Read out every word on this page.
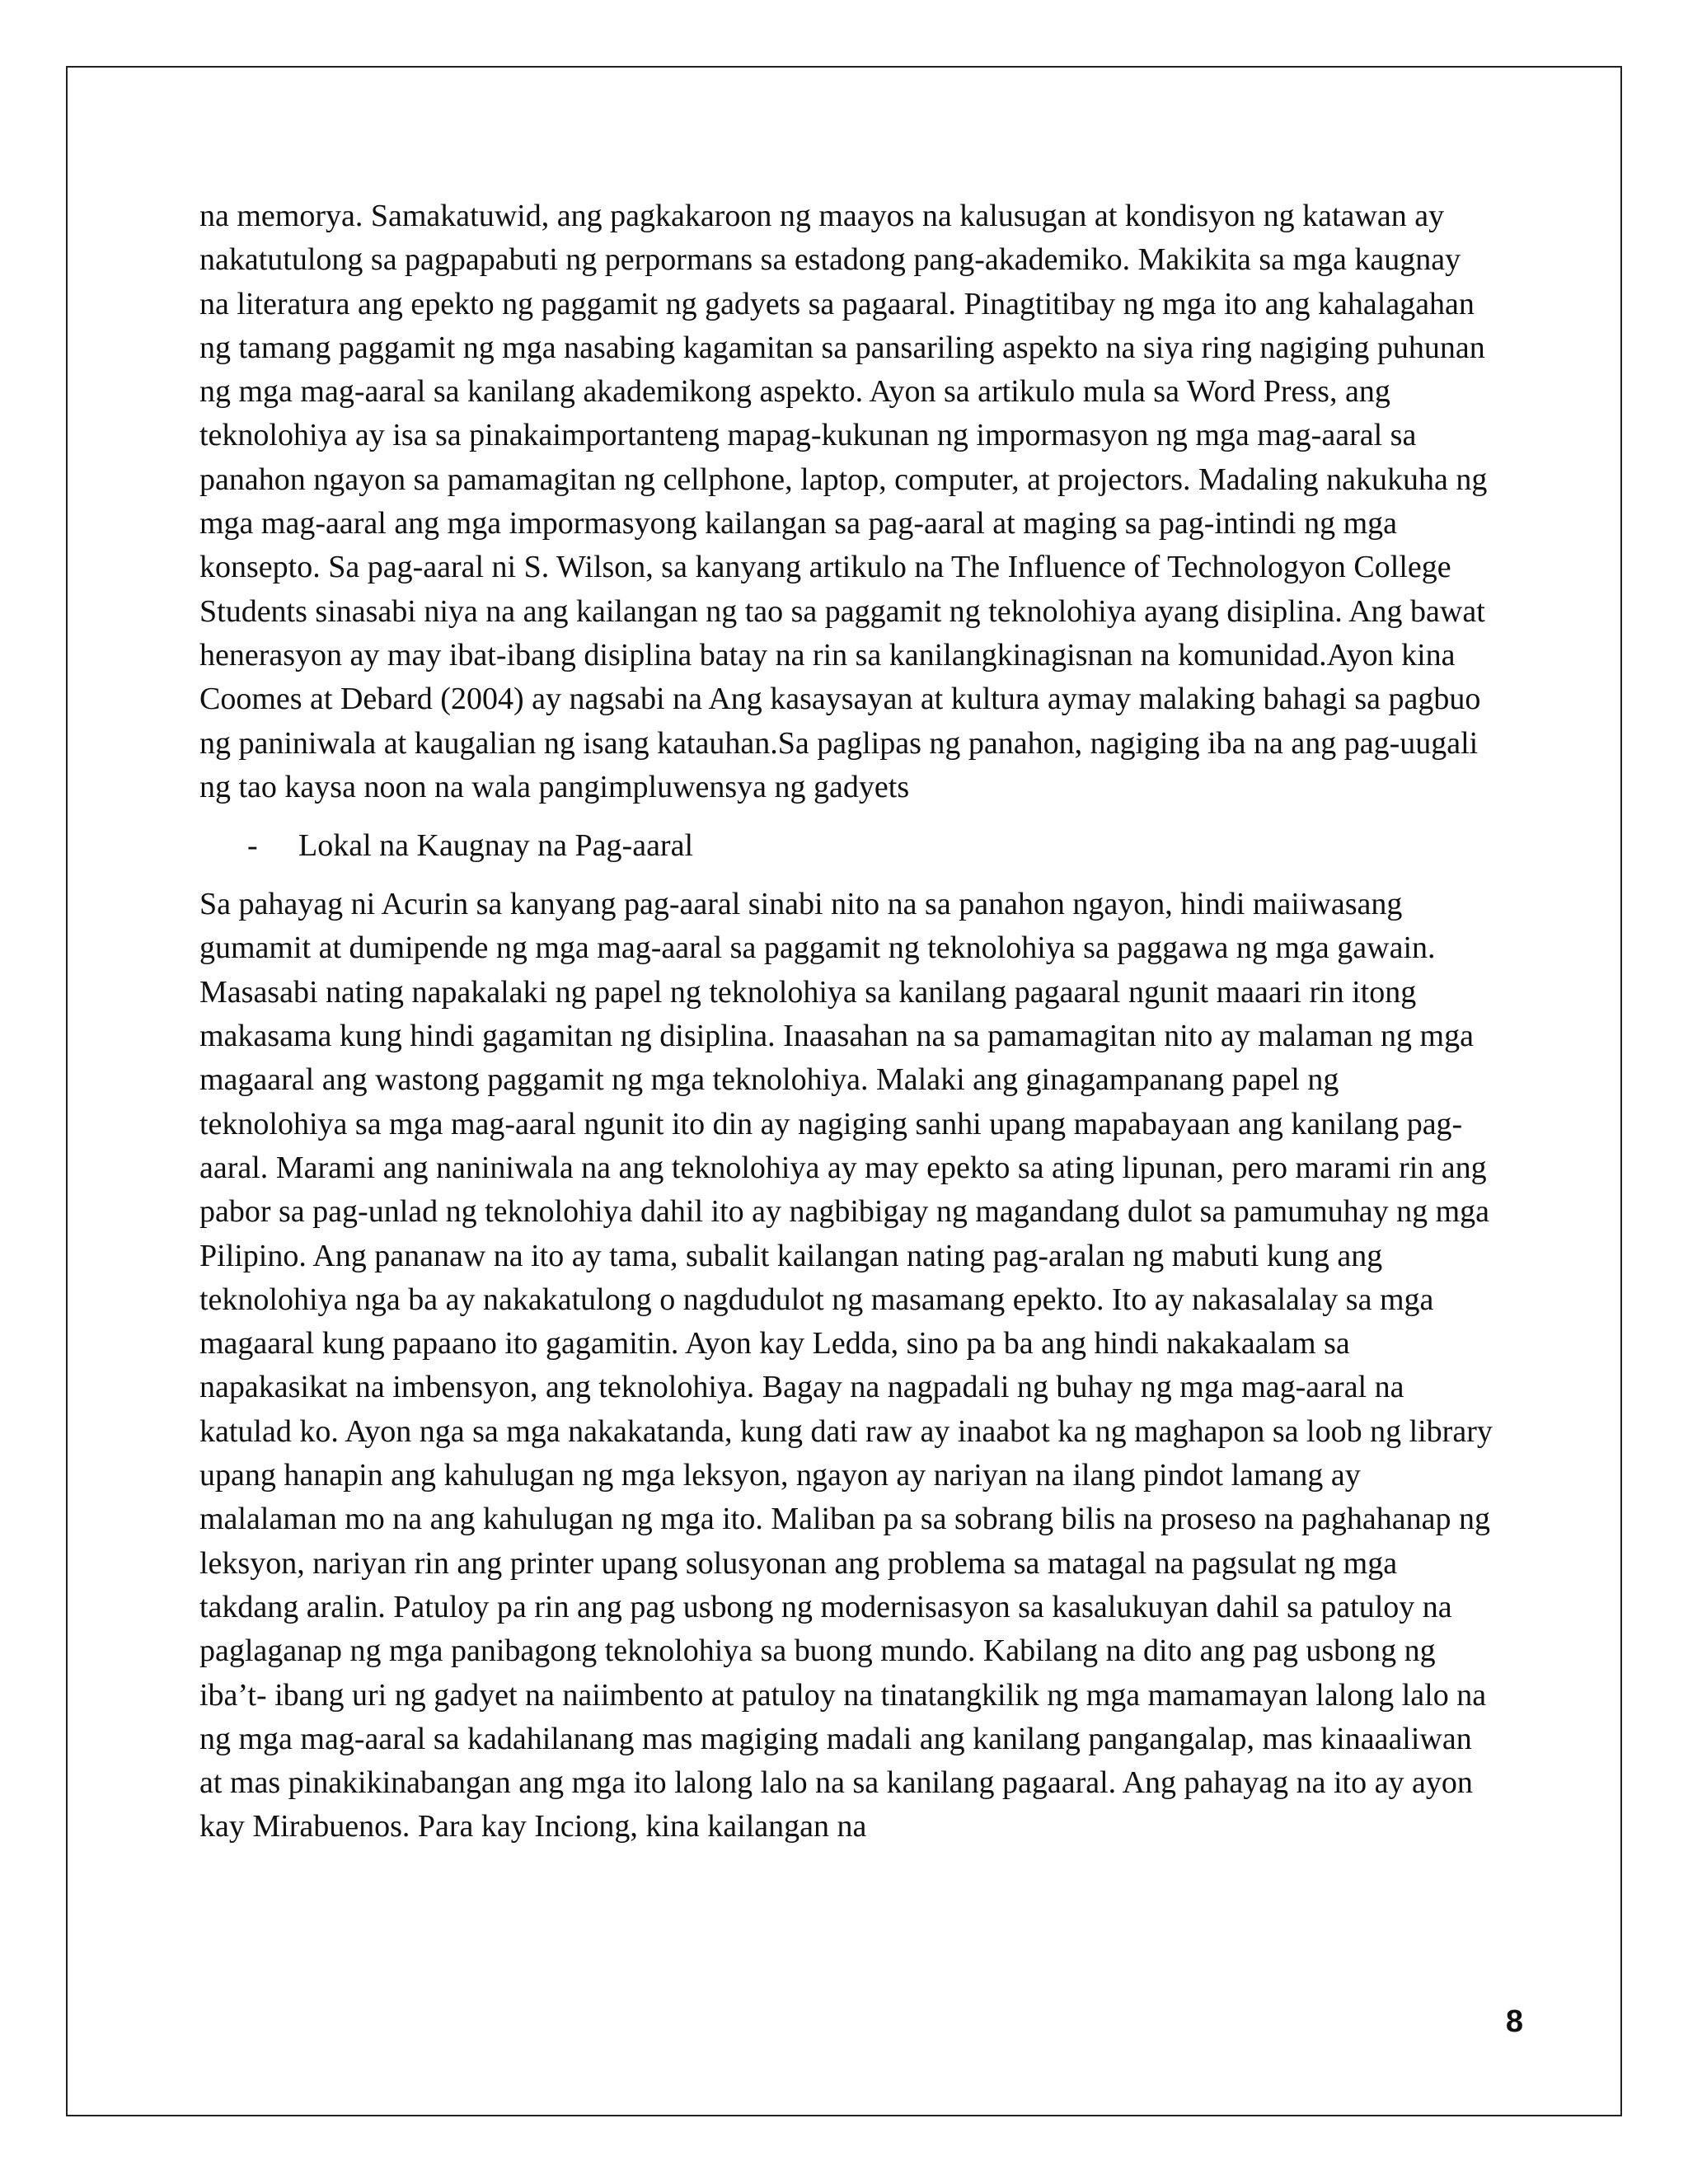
na memorya. Samakatuwid, ang pagkakaroon ng maayos na kalusugan at kondisyon ng katawan ay nakatutulong sa pagpapabuti ng perpormans sa estadong pang-akademiko. Makikita sa mga kaugnay na literatura ang epekto ng paggamit ng gadyets sa pagaaral. Pinagtitibay ng mga ito ang kahalagahan ng tamang paggamit ng mga nasabing kagamitan sa pansariling aspekto na siya ring nagiging puhunan ng mga mag-aaral sa kanilang akademikong aspekto. Ayon sa artikulo mula sa Word Press, ang teknolohiya ay isa sa pinakaimportanteng mapag-kukunan ng impormasyon ng mga mag-aaral sa panahon ngayon sa pamamagitan ng cellphone, laptop, computer, at projectors. Madaling nakukuha ng mga mag-aaral ang mga impormasyong kailangan sa pag-aaral at maging sa pag-intindi ng mga konsepto. Sa pag-aaral ni S. Wilson, sa kanyang artikulo na The Influence of Technologyon College Students sinasabi niya na ang kailangan ng tao sa paggamit ng teknolohiya ayang disiplina. Ang bawat henerasyon ay may ibat-ibang disiplina batay na rin sa kanilangkinagisnan na komunidad.Ayon kina Coomes at Debard (2004) ay nagsabi na Ang kasaysayan at kultura aymay malaking bahagi sa pagbuo ng paniniwala at kaugalian ng isang katauhan.Sa paglipas ng panahon, nagiging iba na ang pag-uugali ng tao kaysa noon na wala pangimpluwensya ng gadyets

- Lokal na Kaugnay na Pag-aaral

Sa pahayag ni Acurin sa kanyang pag-aaral sinabi nito na sa panahon ngayon, hindi maiiwasang gumamit at dumipende ng mga mag-aaral sa paggamit ng teknolohiya sa paggawa ng mga gawain. Masasabi nating napakalaki ng papel ng teknolohiya sa kanilang pagaaral ngunit maaari rin itong makasama kung hindi gagamitan ng disiplina. Inaasahan na sa pamamagitan nito ay malaman ng mga magaaral ang wastong paggamit ng mga teknolohiya. Malaki ang ginagampanang papel ng teknolohiya sa mga mag-aaral ngunit ito din ay nagiging sanhi upang mapabayaan ang kanilang pag-aaral. Marami ang naniniwala na ang teknolohiya ay may epekto sa ating lipunan, pero marami rin ang pabor sa pag-unlad ng teknolohiya dahil ito ay nagbibigay ng magandang dulot sa pamumuhay ng mga Pilipino. Ang pananaw na ito ay tama, subalit kailangan nating pag-aralan ng mabuti kung ang teknolohiya nga ba ay nakakatulong o nagdudulot ng masamang epekto. Ito ay nakasalalay sa mga magaaral kung papaano ito gagamitin. Ayon kay Ledda, sino pa ba ang hindi nakakaalam sa napakasikat na imbensyon, ang teknolohiya. Bagay na nagpadali ng buhay ng mga mag-aaral na katulad ko. Ayon nga sa mga nakakatanda, kung dati raw ay inaabot ka ng maghapon sa loob ng library upang hanapin ang kahulugan ng mga leksyon, ngayon ay nariyan na ilang pindot lamang ay malalaman mo na ang kahulugan ng mga ito. Maliban pa sa sobrang bilis na proseso na paghahanap ng leksyon, nariyan rin ang printer upang solusyonan ang problema sa matagal na pagsulat ng mga takdang aralin. Patuloy pa rin ang pag usbong ng modernisasyon sa kasalukuyan dahil sa patuloy na paglaganap ng mga panibagong teknolohiya sa buong mundo. Kabilang na dito ang pag usbong ng iba’t- ibang uri ng gadyet na naiimbento at patuloy na tinatangkilik ng mga mamamayan lalong lalo na ng mga mag-aaral sa kadahilanang mas magiging madali ang kanilang pangangalap, mas kinaaaliwan at mas pinakikinabangan ang mga ito lalong lalo na sa kanilang pagaaral. Ang pahayag na ito ay ayon kay Mirabuenos. Para kay Inciong, kina kailangan na

8
